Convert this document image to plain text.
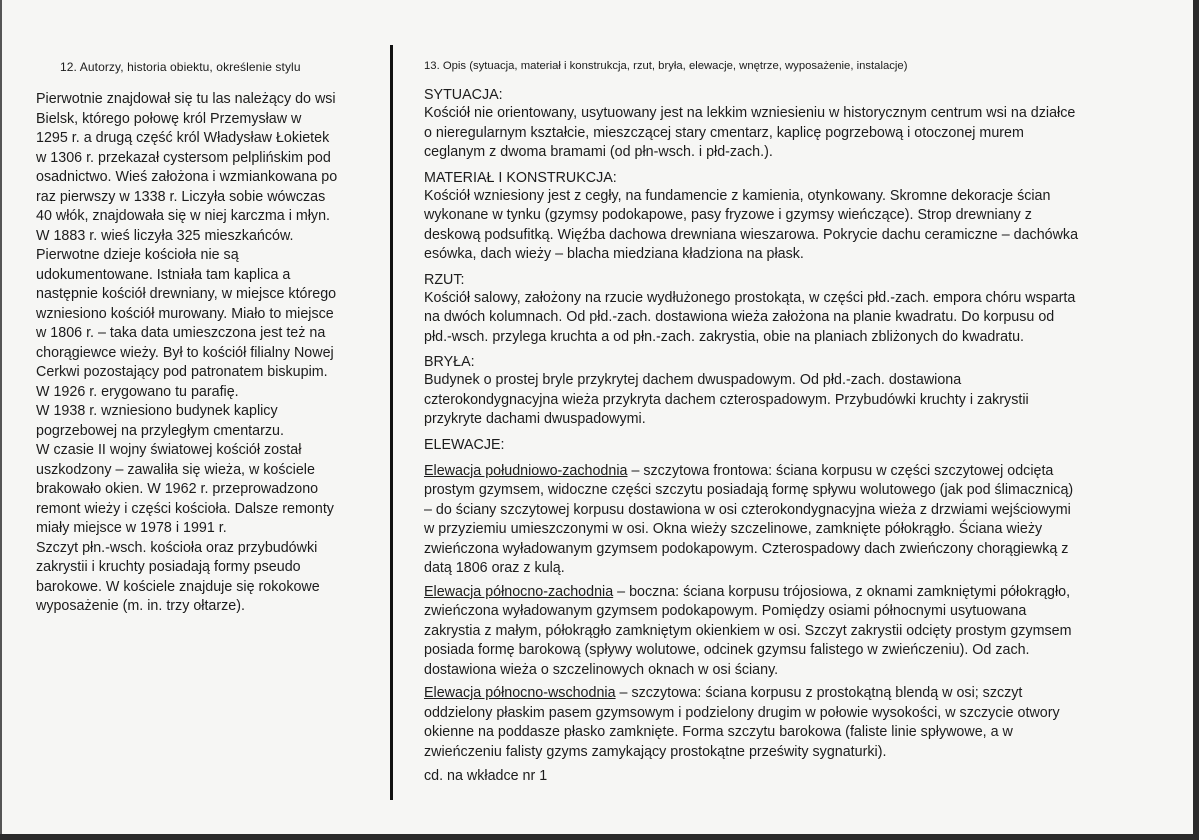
12. Autorzy, historia obiektu, określenie stylu
Pierwotnie znajdował się tu las należący do wsi
Bielsk, którego połowę król Przemysław w
1295 r. a drugą część król Władysław Łokietek
w 1306 r. przekazał cystersom pelplińskim pod
osadnictwo. Wieś założona i wzmiankowana po
raz pierwszy w 1338 r. Liczyła sobie wówczas
40 włók, znajdowała się w niej karczma i młyn.
W 1883 r. wieś liczyła 325 mieszkańców.
Pierwotne dzieje kościoła nie są
udokumentowane. Istniała tam kaplica a
następnie kościół drewniany, w miejsce którego
wzniesiono kościół murowany. Miało to miejsce
w 1806 r. – taka data umieszczona jest też na
chorągiewce wieży. Był to kościół filialny Nowej
Cerkwi pozostający pod patronatem biskupim.
W 1926 r. erygowano tu parafię.
W 1938 r. wzniesiono budynek kaplicy
pogrzebowej na przyległym cmentarzu.
W czasie II wojny światowej kościół został
uszkodzony – zawaliła się wieża, w kościele
brakowało okien. W 1962 r. przeprowadzono
remont wieży i części kościoła. Dalsze remonty
miały miejsce w 1978 i 1991 r.
Szczyt płn.-wsch. kościoła oraz przybudówki
zakrystii i kruchty posiadają formy pseudo
barokowe. W kościele znajduje się rokokowe
wyposażenie (m. in. trzy ołtarze).
13. Opis (sytuacja, materiał i konstrukcja, rzut, bryła, elewacje, wnętrze, wyposażenie, instalacje)
SYTUACJA:
Kościół nie orientowany, usytuowany jest na lekkim wzniesieniu w historycznym centrum wsi na działce
o nieregularnym kształcie, mieszczącej stary cmentarz, kaplicę pogrzebową i otoczonej murem
ceglanym z dwoma bramami (od płn-wsch. i płd-zach.).
MATERIAŁ I KONSTRUKCJA:
Kościół wzniesiony jest z cegły, na fundamencie z kamienia, otynkowany. Skromne dekoracje ścian
wykonane w tynku (gzymsy podokapowe, pasy fryzowe i gzymsy wieńczące). Strop drewniany z
deskową podsufitką. Więźba dachowa drewniana wieszarowa. Pokrycie dachu ceramiczne – dachówka
esówka, dach wieży – blacha miedziana kładziona na płask.
RZUT:
Kościół salowy, założony na rzucie wydłużonego prostokąta, w części płd.-zach. empora chóru wsparta
na dwóch kolumnach. Od płd.-zach. dostawiona wieża założona na planie kwadratu. Do korpusu od
płd.-wsch. przylega kruchta a od płn.-zach. zakrystia, obie na planiach zbliżonych do kwadratu.
BRYŁA:
Budynek o prostej bryle przykrytej dachem dwuspadowym. Od płd.-zach. dostawiona
czterokondygnacyjna wieża przykryta dachem czterospadowym. Przybudówki kruchty i zakrystii
przykryte dachami dwuspadowymi.
ELEWACJE:
Elewacja południowo-zachodnia – szczytowa frontowa: ściana korpusu w części szczytowej odcięta
prostym gzymsem, widoczne części szczytu posiadają formę spływu wolutowego (jak pod ślimacznicą)
– do ściany szczytowej korpusu dostawiona w osi czterokondygnacyjna wieża z drzwiami wejściowymi
w przyziemiu umieszczonymi w osi. Okna wieży szczelinowe, zamknięte półokrągło. Ściana wieży
zwieńczona wyładowanym gzymsem podokapowym. Czterospadowy dach zwieńczony chorągiewką z
datą 1806 oraz z kulą.
Elewacja północno-zachodnia – boczna: ściana korpusu trójosiowa, z oknami zamkniętymi półokrągło,
zwieńczona wyładowanym gzymsem podokapowym. Pomiędzy osiami północnymi usytuowana
zakrystia z małym, półokrągło zamkniętym okienkiem w osi. Szczyt zakrystii odcięty prostym gzymsem
posiada formę barokową (spływy wolutowe, odcinek gzymsu falistego w zwieńczeniu). Od zach.
dostawiona wieża o szczelinowych oknach w osi ściany.
Elewacja północno-wschodnia – szczytowa: ściana korpusu z prostokątną blendą w osi; szczyt
oddzielony płaskim pasem gzymsowym i podzielony drugim w połowie wysokości, w szczycie otwory
okienne na poddasze płasko zamknięte. Forma szczytu barokowa (faliste linie spływowe, a w
zwieńczeniu falisty gzyms zamykający prostokątne prześwity sygnaturki).
cd. na wkładce nr 1
